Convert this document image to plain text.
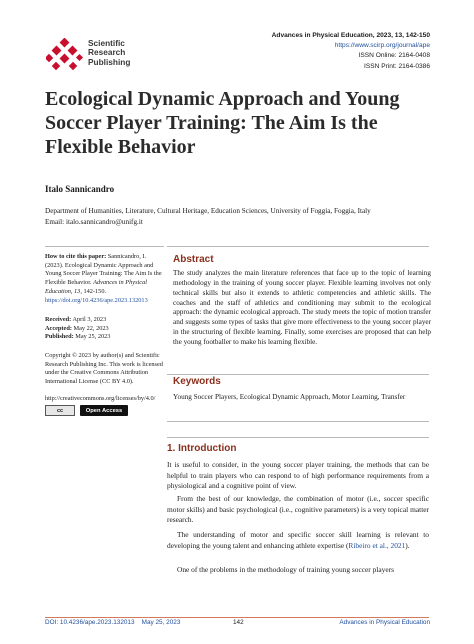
Scientific
Research
Publishing
Advances in Physical Education, 2023, 13, 142-150
https://www.scirp.org/journal/ape
ISSN Online: 2164-0408
ISSN Print: 2164-0386
Ecological Dynamic Approach and Young Soccer Player Training: The Aim Is the Flexible Behavior
Italo Sannicandro
Department of Humanities, Literature, Cultural Heritage, Education Sciences, University of Foggia, Foggia, Italy
Email: italo.sannicandro@unifg.it
How to cite this paper: Sannicandro, I. (2023). Ecological Dynamic Approach and Young Soccer Player Training: The Aim Is the Flexible Behavior. Advances in Physical Education, 13, 142-150.
https://doi.org/10.4236/ape.2023.132013
Received: April 3, 2023
Accepted: May 22, 2023
Published: May 25, 2023
Copyright © 2023 by author(s) and Scientific Research Publishing Inc. This work is licensed under the Creative Commons Attribution International License (CC BY 4.0).
http://creativecommons.org/licenses/by/4.0/
cc	Open Access
Abstract
The study analyzes the main literature references that face up to the topic of learning methodology in the training of young soccer player. Flexible learning involves not only technical skills but also it extends to athletic competencies and athletic skills. The coaches and the staff of athletics and conditioning may submit to the ecological approach: the dynamic ecological approach. The study meets the topic of motion transfer and suggests some types of tasks that give more effectiveness to the young soccer player in the structuring of flexible learning. Finally, some exercises are proposed that can help the young footballer to make his learning flexible.
Keywords
Young Soccer Players, Ecological Dynamic Approach, Motor Learning, Transfer
1. Introduction
It is useful to consider, in the young soccer player training, the methods that can be helpful to train players who can respond to of high performance requirements from a physiological and a cognitive point of view.
From the best of our knowledge, the combination of motor (i.e., soccer specific motor skills) and basic psychological (i.e., cognitive parameters) is a very topical matter research.
The understanding of motor and specific soccer skill learning is relevant to developing the young talent and enhancing athlete expertise (Ribeiro et al., 2021).
One of the problems in the methodology of training young soccer players
DOI: 10.4236/ape.2023.132013 May 25, 2023	142	Advances in Physical Education
